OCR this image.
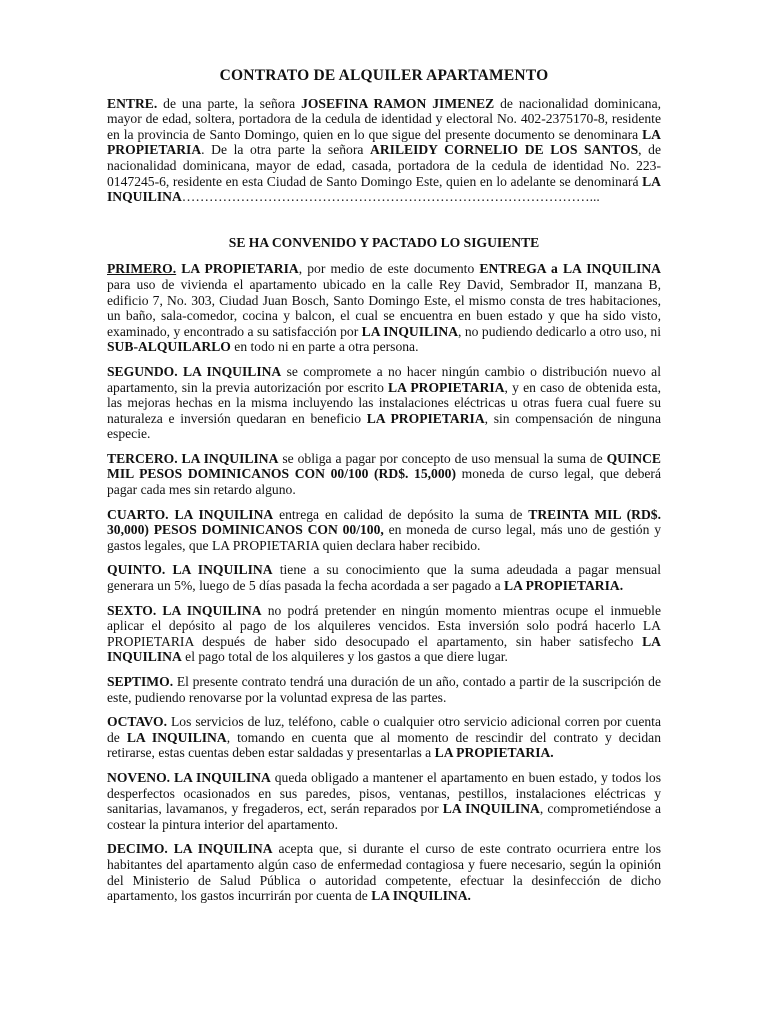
CONTRATO DE ALQUILER APARTAMENTO

ENTRE. de una parte, la señora JOSEFINA RAMON JIMENEZ de nacionalidad dominicana, mayor de edad, soltera, portadora de la cedula de identidad y electoral No. 402-2375170-8, residente en la provincia de Santo Domingo, quien en lo que sigue del presente documento se denominara LA PROPIETARIA. De la otra parte la señora ARILEIDY CORNELIO DE LOS SANTOS, de nacionalidad dominicana, mayor de edad, casada, portadora de la cedula de identidad No. 223-0147245-6, residente en esta Ciudad de Santo Domingo Este, quien en lo adelante se denominará LA INQUILINA………………………………………………………………………………...

SE HA CONVENIDO Y PACTADO LO SIGUIENTE

PRIMERO. LA PROPIETARIA, por medio de este documento ENTREGA a LA INQUILINA para uso de vivienda el apartamento ubicado en la calle Rey David, Sembrador II, manzana B, edificio 7, No. 303, Ciudad Juan Bosch, Santo Domingo Este, el mismo consta de tres habitaciones, un baño, sala-comedor, cocina y balcon, el cual se encuentra en buen estado y que ha sido visto, examinado, y encontrado a su satisfacción por LA INQUILINA, no pudiendo dedicarlo a otro uso, ni SUB-ALQUILARLO en todo ni en parte a otra persona.

SEGUNDO. LA INQUILINA se compromete a no hacer ningún cambio o distribución nuevo al apartamento, sin la previa autorización por escrito LA PROPIETARIA, y en caso de obtenida esta, las mejoras hechas en la misma incluyendo las instalaciones eléctricas u otras fuera cual fuere su naturaleza e inversión quedaran en beneficio LA PROPIETARIA, sin compensación de ninguna especie.

TERCERO. LA INQUILINA se obliga a pagar por concepto de uso mensual la suma de QUINCE MIL PESOS DOMINICANOS CON 00/100 (RD$. 15,000) moneda de curso legal, que deberá pagar cada mes sin retardo alguno.

CUARTO. LA INQUILINA entrega en calidad de depósito la suma de TREINTA MIL (RD$. 30,000) PESOS DOMINICANOS CON 00/100, en moneda de curso legal, más uno de gestión y gastos legales, que LA PROPIETARIA quien declara haber recibido.

QUINTO. LA INQUILINA tiene a su conocimiento que la suma adeudada a pagar mensual generara un 5%, luego de 5 días pasada la fecha acordada a ser pagado a LA PROPIETARIA.

SEXTO. LA INQUILINA no podrá pretender en ningún momento mientras ocupe el inmueble aplicar el depósito al pago de los alquileres vencidos. Esta inversión solo podrá hacerlo LA PROPIETARIA después de haber sido desocupado el apartamento, sin haber satisfecho LA INQUILINA el pago total de los alquileres y los gastos a que diere lugar.

SEPTIMO. El presente contrato tendrá una duración de un año, contado a partir de la suscripción de este, pudiendo renovarse por la voluntad expresa de las partes.

OCTAVO. Los servicios de luz, teléfono, cable o cualquier otro servicio adicional corren por cuenta de LA INQUILINA, tomando en cuenta que al momento de rescindir del contrato y decidan retirarse, estas cuentas deben estar saldadas y presentarlas a LA PROPIETARIA.

NOVENO. LA INQUILINA queda obligado a mantener el apartamento en buen estado, y todos los desperfectos ocasionados en sus paredes, pisos, ventanas, pestillos, instalaciones eléctricas y sanitarias, lavamanos, y fregaderos, ect, serán reparados por LA INQUILINA, comprometiéndose a costear la pintura interior del apartamento.

DECIMO. LA INQUILINA acepta que, si durante el curso de este contrato ocurriera entre los habitantes del apartamento algún caso de enfermedad contagiosa y fuere necesario, según la opinión del Ministerio de Salud Pública o autoridad competente, efectuar la desinfección de dicho apartamento, los gastos incurrirán por cuenta de LA INQUILINA.
